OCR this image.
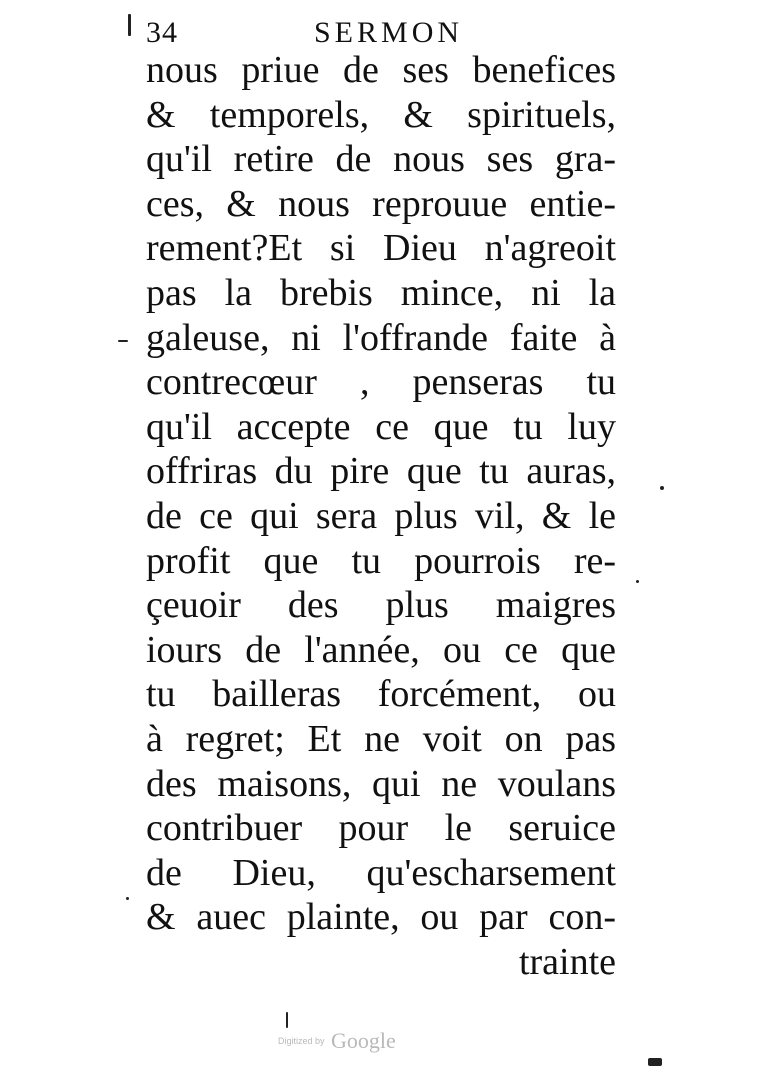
34	SERMON
nous priue de ses benefices
& temporels, & spirituels,
qu'il retire de nous ses gra-
ces, & nous reprouue entie-
rement?Et si Dieu n'agreoit
pas la brebis mince, ni la
galeuse, ni l'offrande faite à
contrecœur , penseras tu
qu'il accepte ce que tu luy
offriras du pire que tu auras,
de ce qui sera plus vil, & le
profit que tu pourrois re-
çeuoir des plus maigres
iours de l'année, ou ce que
tu bailleras forcément, ou
à regret; Et ne voit on pas
des maisons, qui ne voulans
contribuer pour le seruice
de Dieu, qu'escharsement
& auec plainte, ou par con-
trainte
Digitized by Google
